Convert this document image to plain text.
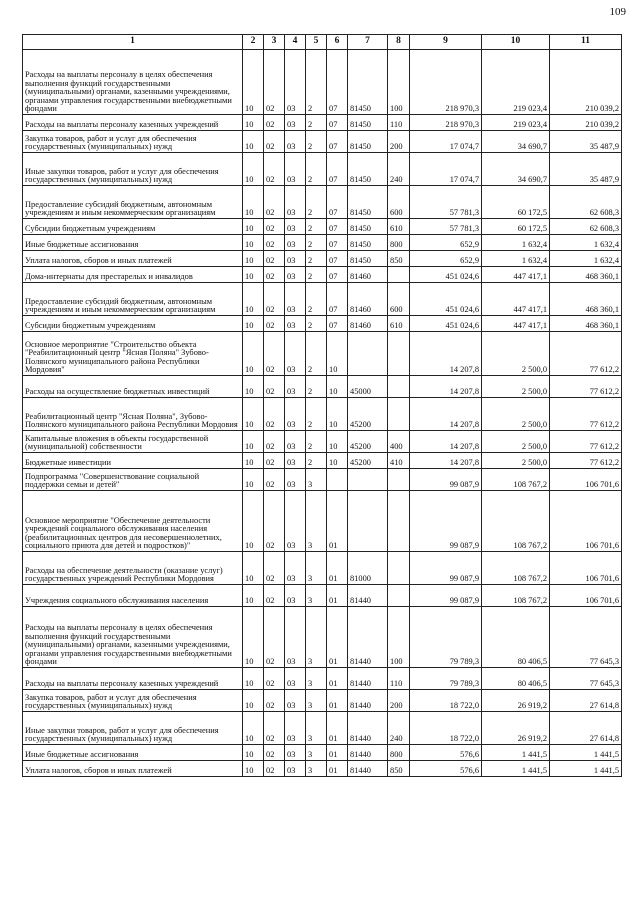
109
1	2	3	4	5	6	7	8	9	10	11
Расходы на выплаты персоналу в целях обеспечения выполнения функций государственными (муниципальными) органами, казенными учреждениями, органами управления государственными внебюджетными фондами	10	02	03	2	07	81450	100	218 970,3	219 023,4	210 039,2
Расходы на выплаты персоналу казенных учреждений	10	02	03	2	07	81450	110	218 970,3	219 023,4	210 039,2
Закупка товаров, работ и услуг для обеспечения государственных (муниципальных) нужд	10	02	03	2	07	81450	200	17 074,7	34 690,7	35 487,9
Иные закупки товаров, работ и услуг для обеспечения государственных (муниципальных) нужд	10	02	03	2	07	81450	240	17 074,7	34 690,7	35 487,9
Предоставление субсидий бюджетным, автономным учреждениям и иным некоммерческим организациям	10	02	03	2	07	81450	600	57 781,3	60 172,5	62 608,3
Субсидии бюджетным учреждениям	10	02	03	2	07	81450	610	57 781,3	60 172,5	62 608,3
Иные бюджетные ассигнования	10	02	03	2	07	81450	800	652,9	1 632,4	1 632,4
Уплата налогов, сборов и иных платежей	10	02	03	2	07	81450	850	652,9	1 632,4	1 632,4
Дома-интернаты для престарелых и инвалидов	10	02	03	2	07	81460		451 024,6	447 417,1	468 360,1
Предоставление субсидий бюджетным, автономным учреждениям и иным некоммерческим организациям	10	02	03	2	07	81460	600	451 024,6	447 417,1	468 360,1
Субсидии бюджетным учреждениям	10	02	03	2	07	81460	610	451 024,6	447 417,1	468 360,1
Основное мероприятие "Строительство объекта "Реабилитационный центр "Ясная Поляна" Зубово-Полянского муниципального района Республики Мордовия"	10	02	03	2	10			14 207,8	2 500,0	77 612,2
Расходы на осуществление бюджетных инвестиций	10	02	03	2	10	45000		14 207,8	2 500,0	77 612,2
Реабилитационный центр "Ясная Поляна", Зубово-Полянского муниципального района Республики Мордовия	10	02	03	2	10	45200		14 207,8	2 500,0	77 612,2
Капитальные вложения в объекты государственной (муниципальной) собственности	10	02	03	2	10	45200	400	14 207,8	2 500,0	77 612,2
Бюджетные инвестиции	10	02	03	2	10	45200	410	14 207,8	2 500,0	77 612,2
Подпрограмма "Совершенствование социальной поддержки семьи и детей"	10	02	03	3				99 087,9	108 767,2	106 701,6
Основное мероприятие "Обеспечение деятельности учреждений социального обслуживания населения (реабилитационных центров для несовершеннолетних, социального приюта для детей и подростков)"	10	02	03	3	01			99 087,9	108 767,2	106 701,6
Расходы на обеспечение деятельности (оказание услуг) государственных учреждений Республики Мордовия	10	02	03	3	01	81000		99 087,9	108 767,2	106 701,6
Учреждения социального обслуживания населения	10	02	03	3	01	81440		99 087,9	108 767,2	106 701,6
Расходы на выплаты персоналу в целях обеспечения выполнения функций государственными (муниципальными) органами, казенными учреждениями, органами управления государственными внебюджетными фондами	10	02	03	3	01	81440	100	79 789,3	80 406,5	77 645,3
Расходы на выплаты персоналу казенных учреждений	10	02	03	3	01	81440	110	79 789,3	80 406,5	77 645,3
Закупка товаров, работ и услуг для обеспечения государственных (муниципальных) нужд	10	02	03	3	01	81440	200	18 722,0	26 919,2	27 614,8
Иные закупки товаров, работ и услуг для обеспечения государственных (муниципальных) нужд	10	02	03	3	01	81440	240	18 722,0	26 919,2	27 614,8
Иные бюджетные ассигнования	10	02	03	3	01	81440	800	576,6	1 441,5	1 441,5
Уплата налогов, сборов и иных платежей	10	02	03	3	01	81440	850	576,6	1 441,5	1 441,5
